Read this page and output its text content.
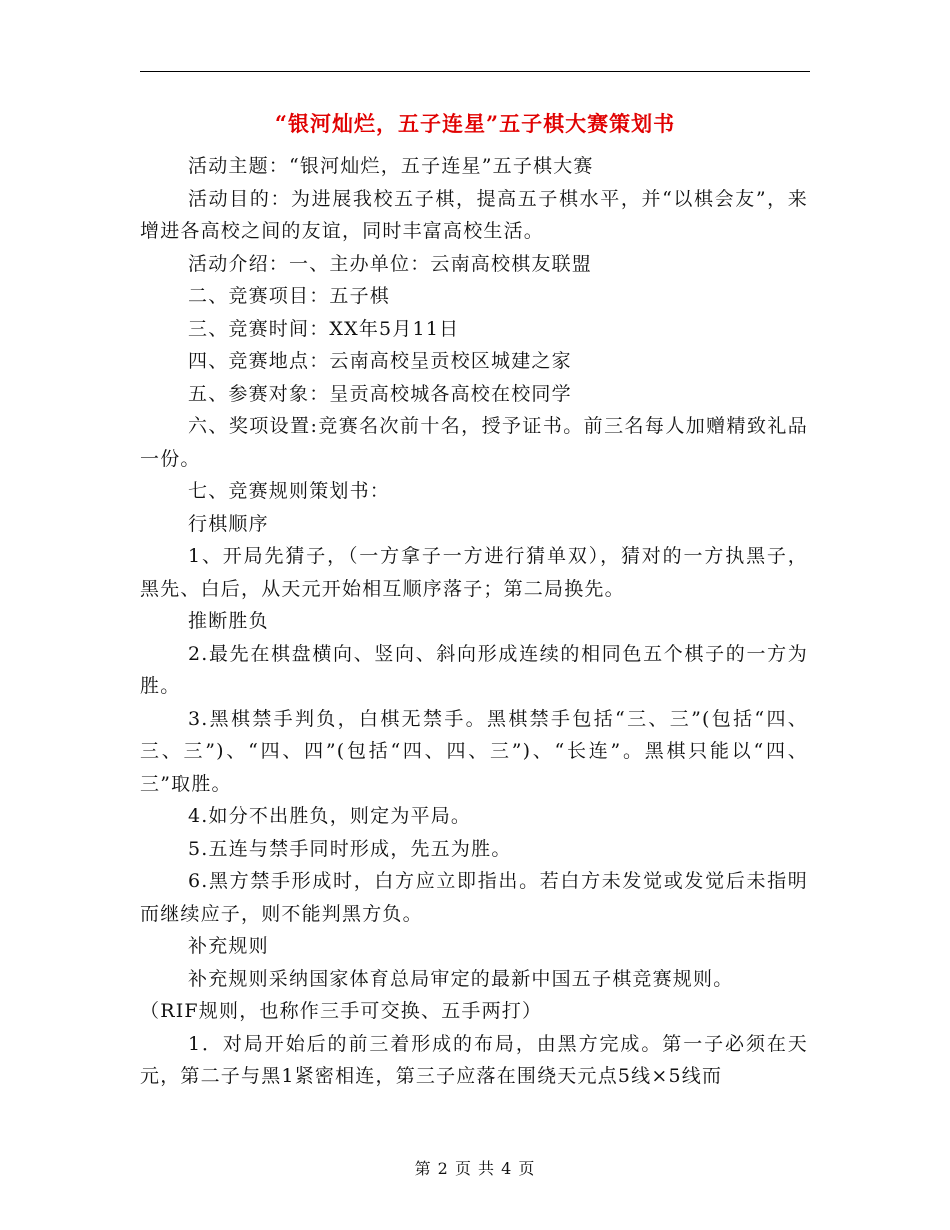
“银河灿烂，五子连星”五子棋大赛策划书

活动主题：“银河灿烂，五子连星”五子棋大赛

活动目的：为进展我校五子棋，提高五子棋水平，并“以棋会友”，来增进各高校之间的友谊，同时丰富高校生活。

活动介绍：一、主办单位：云南高校棋友联盟

二、竞赛项目：五子棋

三、竞赛时间：XX年5月11日

四、竞赛地点：云南高校呈贡校区城建之家

五、参赛对象：呈贡高校城各高校在校同学

六、奖项设置:竞赛名次前十名，授予证书。前三名每人加赠精致礼品一份。

七、竞赛规则策划书：

行棋顺序

1、开局先猜子，（一方拿子一方进行猜单双），猜对的一方执黑子，黑先、白后，从天元开始相互顺序落子；第二局换先。

推断胜负

2.最先在棋盘横向、竖向、斜向形成连续的相同色五个棋子的一方为胜。

3.黑棋禁手判负，白棋无禁手。黑棋禁手包括“三、三”(包括“四、三、三”)、“四、四”(包括“四、四、三”)、“长连”。黑棋只能以“四、三”取胜。

4.如分不出胜负，则定为平局。

5.五连与禁手同时形成，先五为胜。

6.黑方禁手形成时，白方应立即指出。若白方未发觉或发觉后未指明而继续应子，则不能判黑方负。

补充规则

补充规则采纳国家体育总局审定的最新中国五子棋竞赛规则。

（RIF规则，也称作三手可交换、五手两打）

1．对局开始后的前三着形成的布局，由黑方完成。第一子必须在天元，第二子与黑1紧密相连，第三子应落在围绕天元点5线×5线而

第 2 页 共 4 页
